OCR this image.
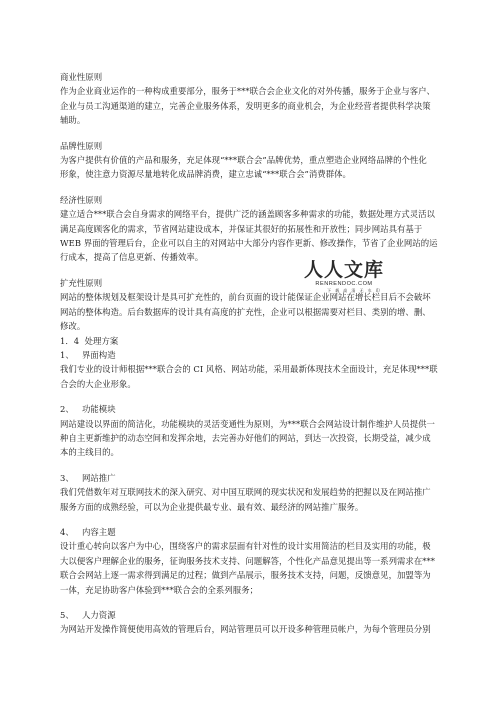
商业性原则

作为企业商业运作的一种构成重要部分，服务于***联合会企业文化的对外传播，服务于企业与客户、

企业与员工沟通渠道的建立，完善企业服务体系，发明更多的商业机会，为企业经营者提供科学决策

辅助。

品牌性原则

为客户提供有价值的产品和服务，充足体现“***联合会”品牌优势，重点塑造企业网络品牌的个性化

形象，使注意力资源尽量地转化成品牌消费，建立忠诚“***联合会”消费群体。

经济性原则

建立适合***联合会自身需求的网络平台，提供广泛的涵盖顾客多种需求的功能，数据处理方式灵活以

满足高度顾客化的需求，节省网站建设成本，并保证其很好的拓展性和开放性；同步网站具有基于

WEB 界面的管理后台，企业可以自主的对网站中大部分内容作更新、修改操作，节省了企业网站的运

行成本，提高了信息更新、传播效率。

扩充性原则

网站的整体规划及框架设计是具可扩充性的，前台页面的设计能保证企业网站在增长栏目后不会破坏

网站的整体构造。后台数据库的设计具有高度的扩充性，企业可以根据需要对栏目、类别的增、删、

修改。

1．4  处理方案

1、   界面构造

我们专业的设计师根据***联合会的 CI 风格、网站功能，采用最新体现技术全面设计，充足体现***联

合会的大企业形象。

2、   功能模块

网站建设以界面的简洁化，功能模块的灵活变通性为原则，为***联合会网站设计制作维护人员提供一

种自主更新维护的动态空间和发挥余地，去完善办好他们的网站，到达一次投资，长期受益，减少成

本的主线目的。

3、   网站推广

我们凭借数年对互联网技术的深入研究、对中国互联网的现实状况和发展趋势的把握以及在网站推广

服务方面的成熟经验，可以为企业提供最专业、最有效、最经济的网站推广服务。

4、   内容主题

设计重心转向以客户为中心，围绕客户的需求层面有针对性的设计实用简洁的栏目及实用的功能，极

大以便客户理解企业的服务，征询服务技术支持、问题解答，个性化产品意见提出等一系列需求在***

联合会网站上逐一需求得到满足的过程；做到产品展示，服务技术支持，问题，反馈意见，加盟等为

一体，充足协助客户体验到***联合会的全系列服务；

5、   人力资源

为网站开发操作简便使用高效的管理后台，网站管理员可以开设多种管理员帐户，为每个管理员分别

人人文库
RENRENDOC.COM
下 载 高 清 无 水 印
